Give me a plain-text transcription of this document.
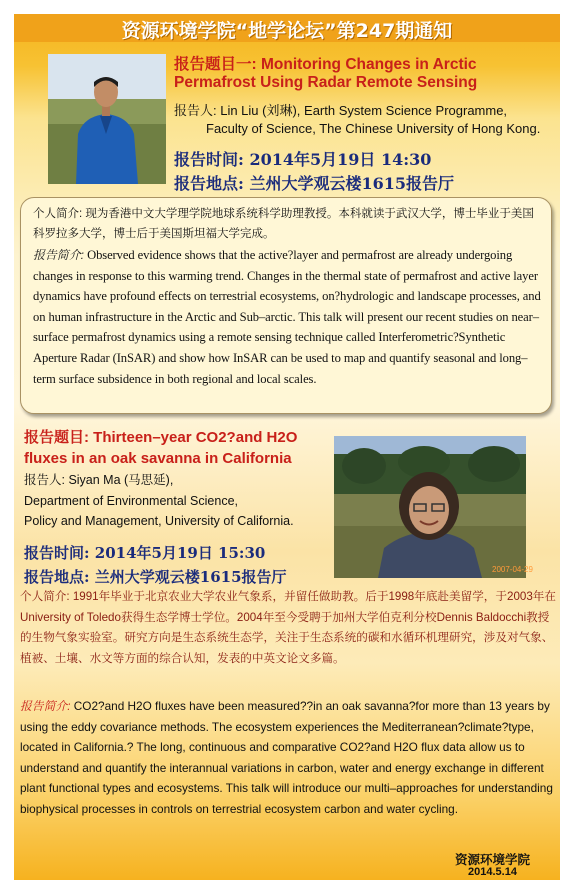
资源环境学院“地学论坛”第247期通知
报告题目一: Monitoring Changes in Arctic
Permafrost Using Radar Remote Sensing
报告人: Lin Liu (刘琳), Earth System Science Programme,
Faculty of Science, The Chinese University of Hong Kong.
报告时间: 2014年5月19日 14:30
报告地点: 兰州大学观云楼1615报告厅
个人简介: 现为香港中文大学理学院地球系统科学助理教授。本科就读于武汉大学，博士毕业于美国科罗拉多大学，博士后于美国斯坦福大学完成。
报告简介: Observed evidence shows that the active?layer and permafrost are already undergoing changes in response to this warming trend. Changes in the thermal state of permafrost and active layer dynamics have profound effects on terrestrial ecosystems, on?hydrologic and landscape processes, and on human infrastructure in the Arctic and Sub–arctic. This talk will present our recent studies on near–surface permafrost dynamics using a remote sensing technique called Interferometric?Synthetic Aperture Radar (InSAR) and show how InSAR can be used to map and quantify seasonal and long–term surface subsidence in both regional and local scales.
报告题目: Thirteen–year CO2?and H2O
fluxes in an oak savanna in California
报告人: Siyan Ma (马思延),
Department of Environmental Science,
Policy and Management, University of California.
报告时间: 2014年5月19日 15:30
报告地点: 兰州大学观云楼1615报告厅	2007-04-29
个人简介: 1991年毕业于北京农业大学农业气象系，并留任做助教。后于1998年底赴美留学，于2003年在University of Toledo获得生态学博士学位。2004年至今受聘于加州大学伯克利分校Dennis Baldocchi教授的生物气象实验室。研究方向是生态系统生态学，关注于生态系统的碳和水循环机理研究，涉及对气象、植被、土壤、水文等方面的综合认知，发表的中英文论文多篇。
报告简介: CO2?and H2O fluxes have been measured??in an oak savanna?for more than 13 years by using the eddy covariance methods. The ecosystem experiences the Mediterranean?climate?type, located in California.? The long, continuous and comparative CO2?and H2O flux data allow us to understand and quantify the interannual variations in carbon, water and energy exchange in different plant functional types and ecosystems. This talk will introduce our multi–approaches for understanding biophysical processes in controls on terrestrial ecosystem carbon and water cycling.
资源环境学院
2014.5.14
